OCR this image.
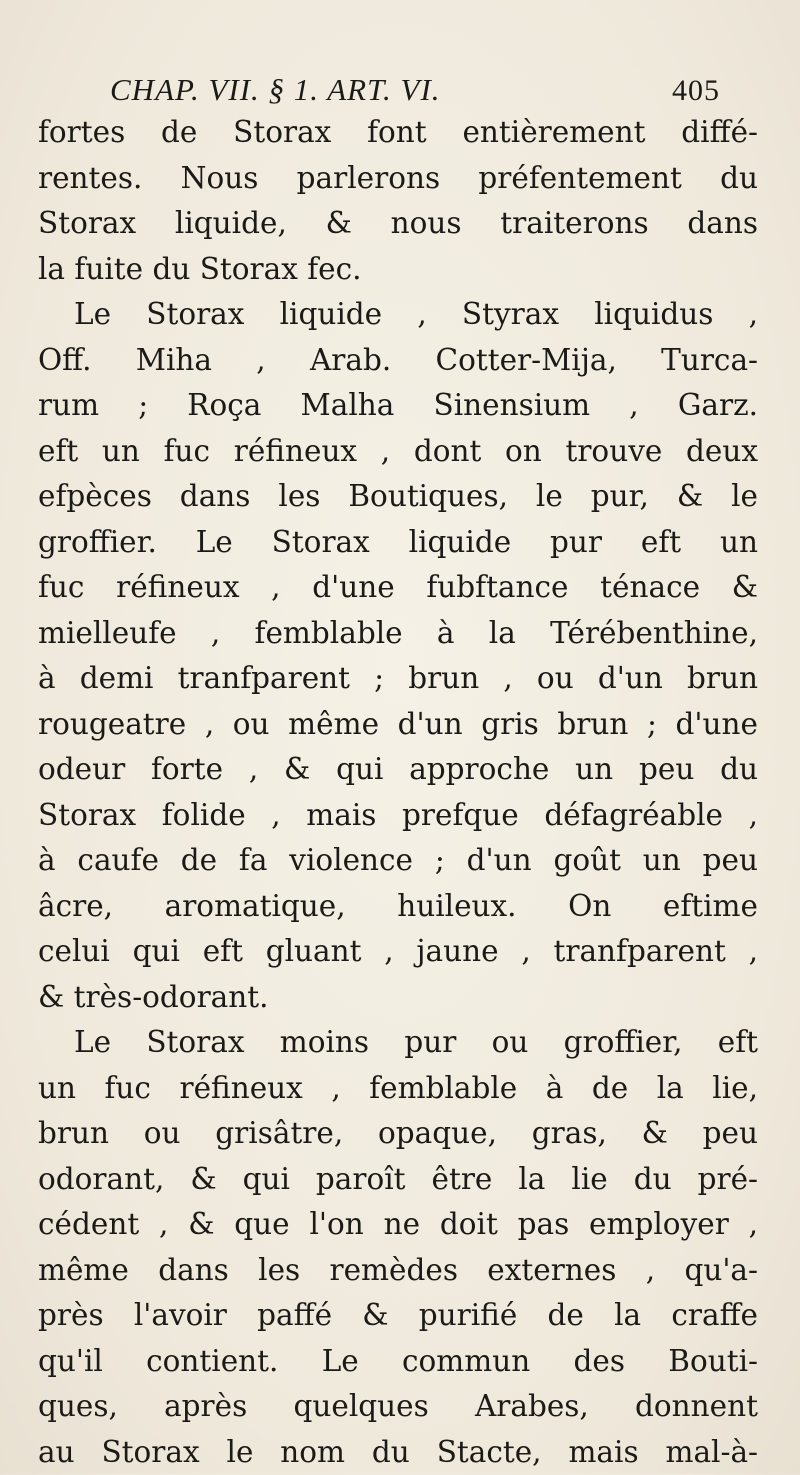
CHAP. VII. § 1. ART. VI.	405
fortes de Storax font entièrement diffé-
rentes. Nous parlerons préfentement du
Storax liquide, & nous traiterons dans
la fuite du Storax fec.
Le Storax liquide , Styrax liquidus ,
Off. Miha , Arab. Cotter-Mija, Turca-
rum ; Roça Malha Sinensium , Garz.
eft un fuc réfineux , dont on trouve deux
efpèces dans les Boutiques, le pur, & le
groffier. Le Storax liquide pur eft un
fuc réfineux , d'une fubftance ténace &
mielleufe , femblable à la Térébenthine,
à demi tranfparent ; brun , ou d'un brun
rougeatre , ou même d'un gris brun ; d'une
odeur forte , & qui approche un peu du
Storax folide , mais prefque défagréable ,
à caufe de fa violence ; d'un goût un peu
âcre, aromatique, huileux. On eftime
celui qui eft gluant , jaune , tranfparent ,
& très-odorant.
Le Storax moins pur ou groffier, eft
un fuc réfineux , femblable à de la lie,
brun ou grisâtre, opaque, gras, & peu
odorant, & qui paroît être la lie du pré-
cédent , & que l'on ne doit pas employer ,
même dans les remèdes externes , qu'a-
près l'avoir paffé & purifié de la craffe
qu'il contient. Le commun des Bouti-
ques, après quelques Arabes, donnent
au Storax le nom du Stacte, mais mal-à-
